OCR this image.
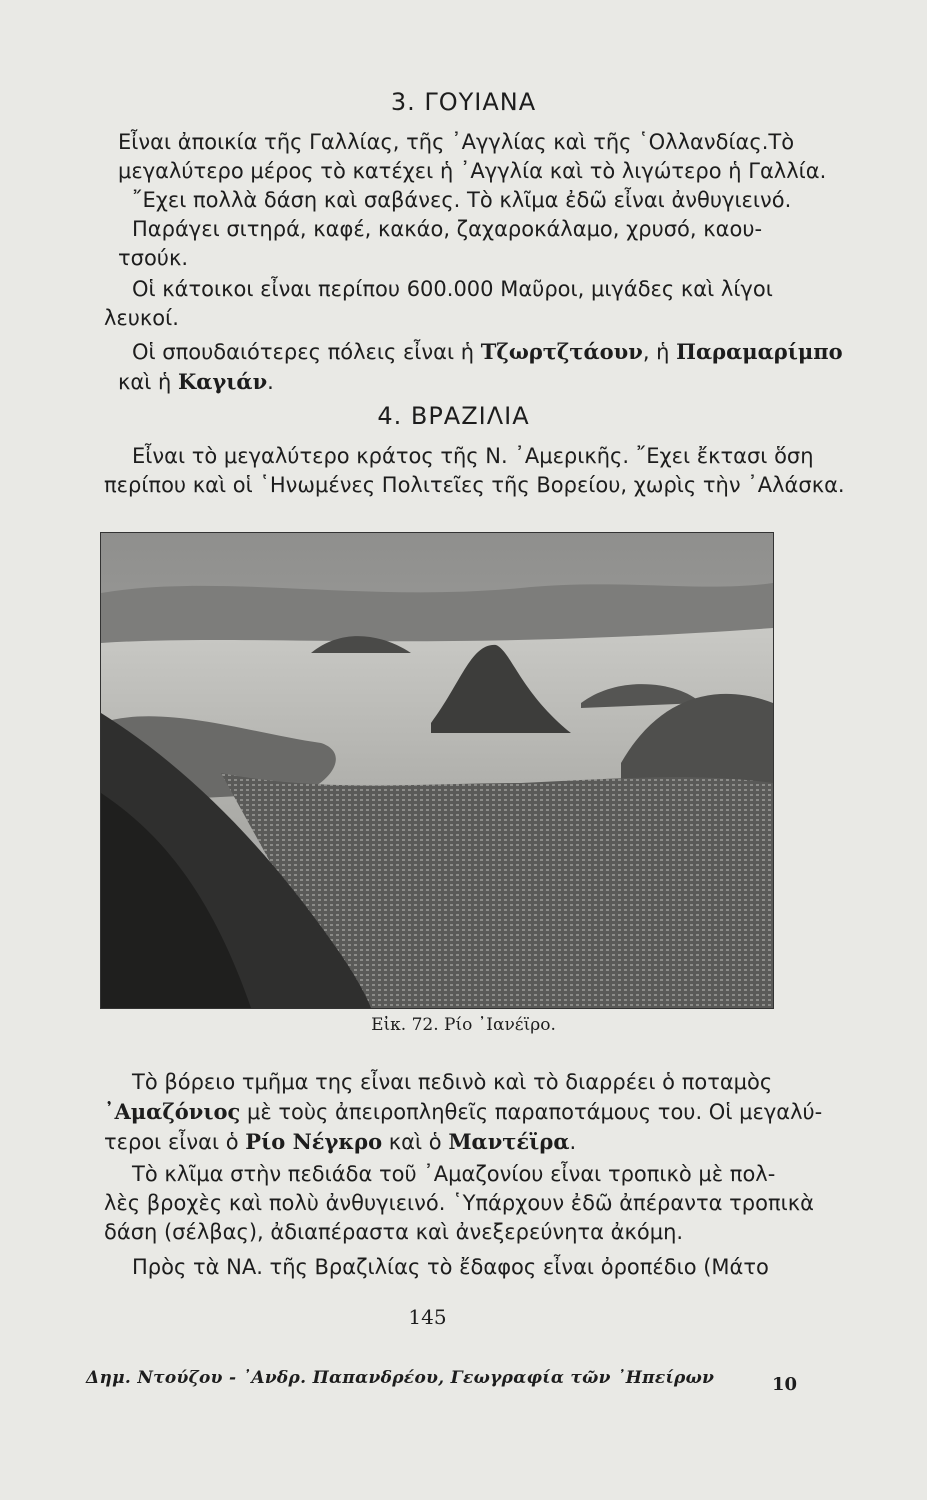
3. ΓΟΥΙΑΝΑ
Εἶναι ἀποικία τῆς Γαλλίας, τῆς ᾿Αγγλίας καὶ τῆς ῾Ολλανδίας.Τὸ
μεγαλύτερο μέρος τὸ κατέχει ἡ ᾿Αγγλία καὶ τὸ λιγώτερο ἡ Γαλλία.
῎Εχει πολλὰ δάση καὶ σαβάνες. Τὸ κλῖμα ἐδῶ εἶναι ἀνθυγιεινό.
Παράγει σιτηρά, καφέ, κακάο, ζαχαροκάλαμο, χρυσό, καου-
τσούκ.
Οἱ κάτοικοι εἶναι περίπου 600.000 Μαῦροι, μιγάδες καὶ λίγοι
λευκοί.
Οἱ σπουδαιότερες πόλεις εἶναι ἡ Τζωρτζτάουν, ἡ Παραμαρίμπο
καὶ ἡ Καγιάν.
4. ΒΡΑΖΙΛΙΑ
Εἶναι τὸ μεγαλύτερο κράτος τῆς Ν. ᾿Αμερικῆς. ῎Εχει ἔκτασι ὅση
περίπου καὶ οἱ ῾Ηνωμένες Πολιτεῖες τῆς Βορείου, χωρὶς τὴν ᾿Αλάσκα.
Εἰκ. 72. Ρίο ᾿Ιανέϊρο.
Τὸ βόρειο τμῆμα της εἶναι πεδινὸ καὶ τὸ διαρρέει ὁ ποταμὸς
᾿Αμαζόνιος μὲ τοὺς ἀπειροπληθεῖς παραποτάμους του. Οἱ μεγαλύ-
τεροι εἶναι ὁ Ρίο Νέγκρο καὶ ὁ Μαντέϊρα.
Τὸ κλῖμα στὴν πεδιάδα τοῦ ᾿Αμαζονίου εἶναι τροπικὸ μὲ πολ-
λὲς βροχὲς καὶ πολὺ ἀνθυγιεινό. ῾Υπάρχουν ἐδῶ ἀπέραντα τροπικὰ
δάση (σέλβας), ἀδιαπέραστα καὶ ἀνεξερεύνητα ἀκόμη.
Πρὸς τὰ ΝΑ. τῆς Βραζιλίας τὸ ἔδαφος εἶναι ὀροπέδιο (Μάτο
145
Δημ. Ντούζου - ᾿Ανδρ. Παπανδρέου, Γεωγραφία τῶν ᾿Ηπείρων	10
